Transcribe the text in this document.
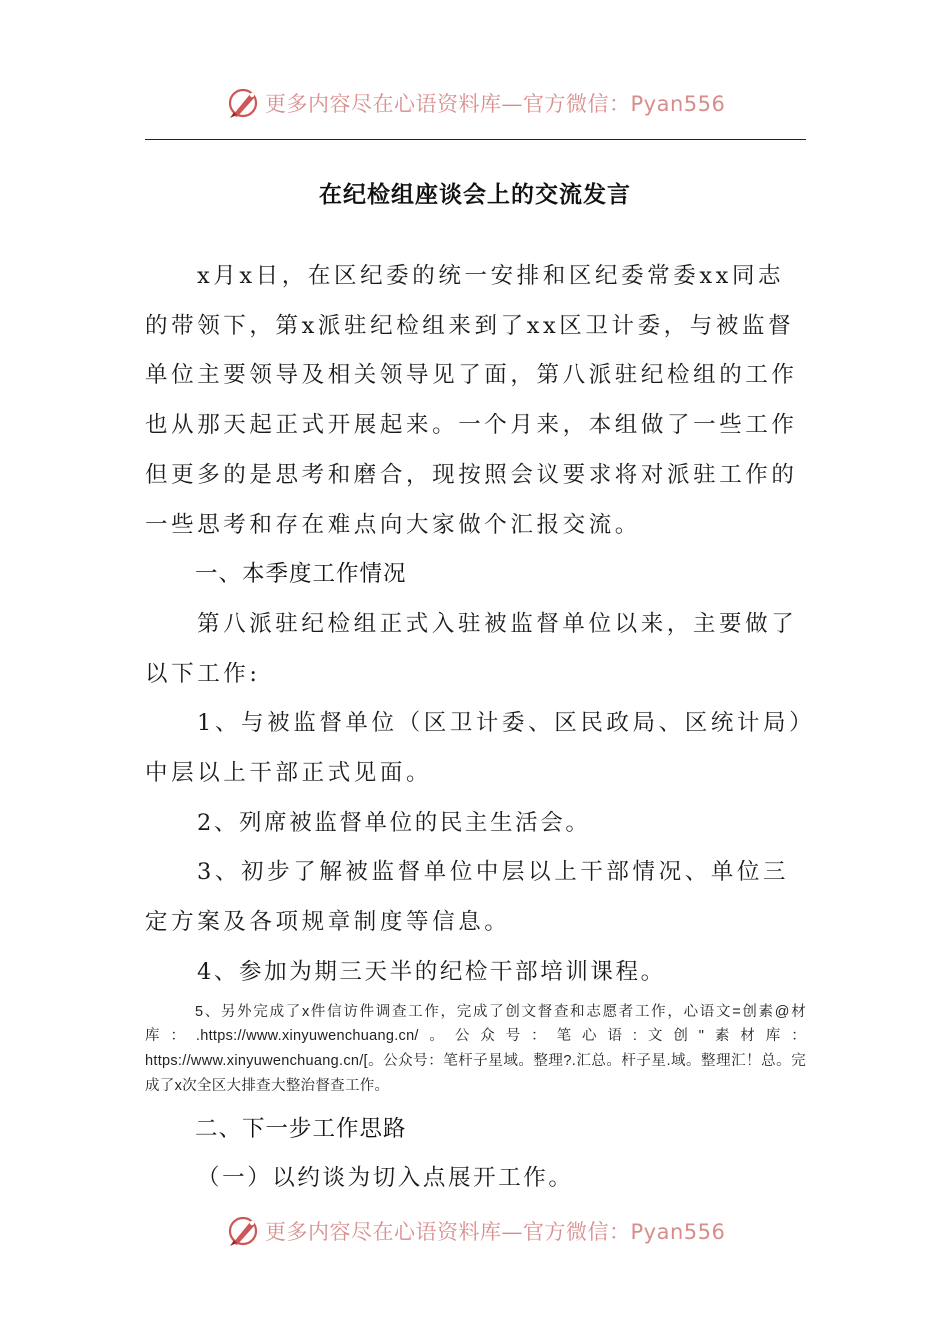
更多内容尽在心语资料库—官方微信：Pyan556
在纪检组座谈会上的交流发言

x月x日，在区纪委的统一安排和区纪委常委xx同志的带领下，第x派驻纪检组来到了xx区卫计委，与被监督单位主要领导及相关领导见了面，第八派驻纪检组的工作也从那天起正式开展起来。一个月来，本组做了一些工作但更多的是思考和磨合，现按照会议要求将对派驻工作的一些思考和存在难点向大家做个汇报交流。

一、本季度工作情况

第八派驻纪检组正式入驻被监督单位以来，主要做了以下工作:

1、与被监督单位（区卫计委、区民政局、区统计局）中层以上干部正式见面。

2、列席被监督单位的民主生活会。

3、初步了解被监督单位中层以上干部情况、单位三定方案及各项规章制度等信息。

4、参加为期三天半的纪检干部培训课程。

5、另外完成了x件信访件调查工作，完成了创文督查和志愿者工作，心语文=创素@材库：.https://www.xinyuwenchuang.cn/。公众号：笔心语:文创"素材库：https://www.xinyuwenchuang.cn/[。公众号：笔杆子星域。整理?.汇总。杆子星.域。整理汇！总。完成了x次全区大排查大整治督查工作。

二、下一步工作思路

（一）以约谈为切入点展开工作。

更多内容尽在心语资料库—官方微信：Pyan556
